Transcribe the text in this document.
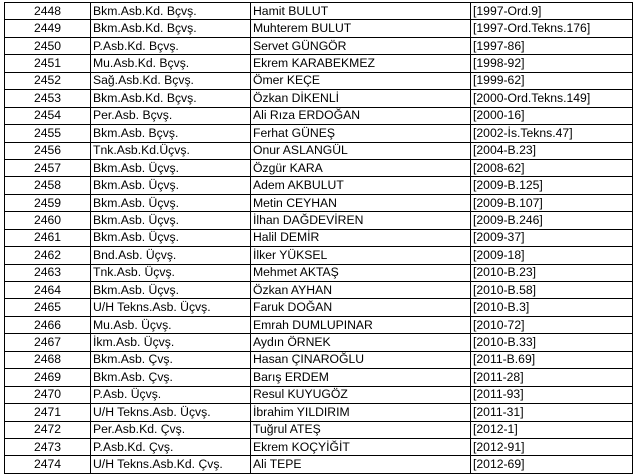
2448	Bkm.Asb.Kd. Bçvş.	Hamit BULUT	[1997-Ord.9]
2449	Bkm.Asb.Kd. Bçvş.	Muhterem BULUT	[1997-Ord.Tekns.176]
2450	P.Asb.Kd. Bçvş.	Servet GÜNGÖR	[1997-86]
2451	Mu.Asb.Kd. Bçvş.	Ekrem KARABEKMEZ	[1998-92]
2452	Sağ.Asb.Kd. Bçvş.	Ömer KEÇE	[1999-62]
2453	Bkm.Asb.Kd. Bçvş.	Özkan DİKENLİ	[2000-Ord.Tekns.149]
2454	Per.Asb. Bçvş.	Ali Rıza ERDOĞAN	[2000-16]
2455	Bkm.Asb. Bçvş.	Ferhat GÜNEŞ	[2002-İs.Tekns.47]
2456	Tnk.Asb.Kd.Üçvş.	Onur ASLANGÜL	[2004-B.23]
2457	Bkm.Asb. Üçvş.	Özgür KARA	[2008-62]
2458	Bkm.Asb. Üçvş.	Adem AKBULUT	[2009-B.125]
2459	Bkm.Asb. Üçvş.	Metin CEYHAN	[2009-B.107]
2460	Bkm.Asb. Üçvş.	İlhan DAĞDEVİREN	[2009-B.246]
2461	Bkm.Asb. Üçvş.	Halil DEMİR	[2009-37]
2462	Bnd.Asb. Üçvş.	İlker YÜKSEL	[2009-18]
2463	Tnk.Asb. Üçvş.	Mehmet AKTAŞ	[2010-B.23]
2464	Bkm.Asb. Üçvş.	Özkan AYHAN	[2010-B.58]
2465	U/H Tekns.Asb. Üçvş.	Faruk DOĞAN	[2010-B.3]
2466	Mu.Asb. Üçvş.	Emrah DUMLUPINAR	[2010-72]
2467	İkm.Asb. Üçvş.	Aydın ÖRNEK	[2010-B.33]
2468	Bkm.Asb. Çvş.	Hasan ÇINAROĞLU	[2011-B.69]
2469	Bkm.Asb. Çvş.	Barış ERDEM	[2011-28]
2470	P.Asb. Üçvş.	Resul KUYUGÖZ	[2011-93]
2471	U/H Tekns.Asb. Üçvş.	İbrahim YILDIRIM	[2011-31]
2472	Per.Asb.Kd. Çvş.	Tuğrul ATEŞ	[2012-1]
2473	P.Asb.Kd. Çvş.	Ekrem KOÇYİĞİT	[2012-91]
2474	U/H Tekns.Asb.Kd. Çvş.	Ali TEPE	[2012-69]
